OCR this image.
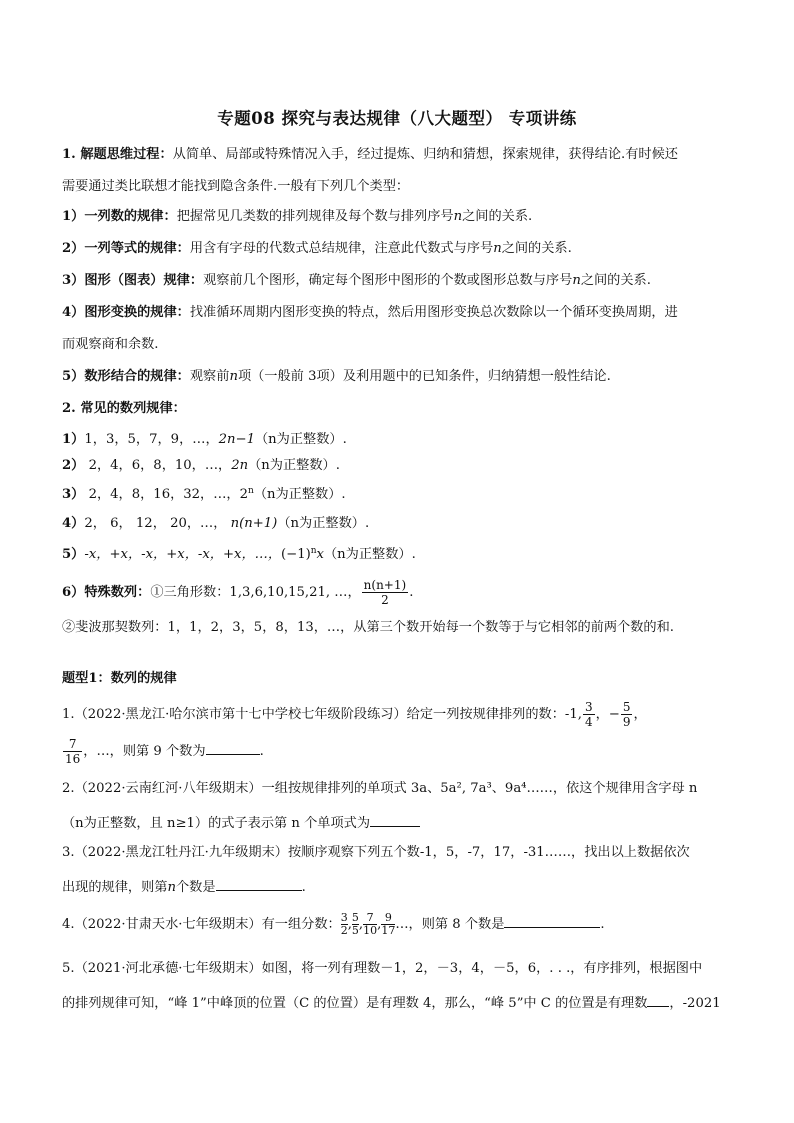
专题08 探究与表达规律（八大题型） 专项讲练
1. 解题思维过程：从简单、局部或特殊情况入手，经过提炼、归纳和猜想，探索规律，获得结论.有时候还
需要通过类比联想才能找到隐含条件.一般有下列几个类型：
1）一列数的规律：把握常见几类数的排列规律及每个数与排列序号n之间的关系.
2）一列等式的规律：用含有字母的代数式总结规律，注意此代数式与序号n之间的关系.
3）图形（图表）规律：观察前几个图形，确定每个图形中图形的个数或图形总数与序号n之间的关系.
4）图形变换的规律：找准循环周期内图形变换的特点，然后用图形变换总次数除以一个循环变换周期，进
而观察商和余数.
5）数形结合的规律：观察前n项（一般前 3项）及利用题中的已知条件，归纳猜想一般性结论.
2. 常见的数列规律：
1）1，3，5，7，9，…，2n−1（n为正整数）.
2） 2，4，6，8，10，…，2n（n为正整数）.
3） 2，4，8，16，32，…，2$^n$（n为正整数）.
4）2， 6， 12， 20，…， n(n+1)（n为正整数）.
5）-x，+x，-x，+x，-x，+x，…，$(-1)^nx(n$为正整数）.
6）特殊数列：①三角形数：1,3,6,10,15,21, …， $\frac{n(n+1)}{2}$ .
②斐波那契数列：1，1，2，3，5，8，13，…，从第三个数开始每一个数等于与它相邻的前两个数的和.
题型1：数列的规律
1.（2022·黑龙江·哈尔滨市第十七中学校七年级阶段练习）给定一列按规律排列的数：-1, $\frac{3}{4}$ ，− $\frac{5}{9}$ ，
$\frac{7}{16}$ ，…，则第 9 个数为	.
2.（2022·云南红河·八年级期末）一组按规律排列的单项式 3a、5a², 7a³、9a⁴……，依这个规律用含字母 n
（n为正整数，且 n≥1）的式子表示第 n 个单项式为
3.（2022·黑龙江牡丹江·九年级期末）按顺序观察下列五个数-1，5，-7，17，-31……，找出以上数据依次
出现的规律，则第n个数是	.
4.（2022·甘肃天水·七年级期末）有一组分数： $\frac{3}{2}$, $\frac{5}{5}$, $\frac{7}{10}$, $\frac{9}{17}\dots$，则第 8 个数是	.
5.（2021·河北承德·七年级期末）如图，将一列有理数－1，2，－3，4，－5，6，. . .，有序排列，根据图中
的排列规律可知，“峰 1”中峰顶的位置（C 的位置）是有理数 4，那么，“峰 5”中 C 的位置是有理数 ，-2021
